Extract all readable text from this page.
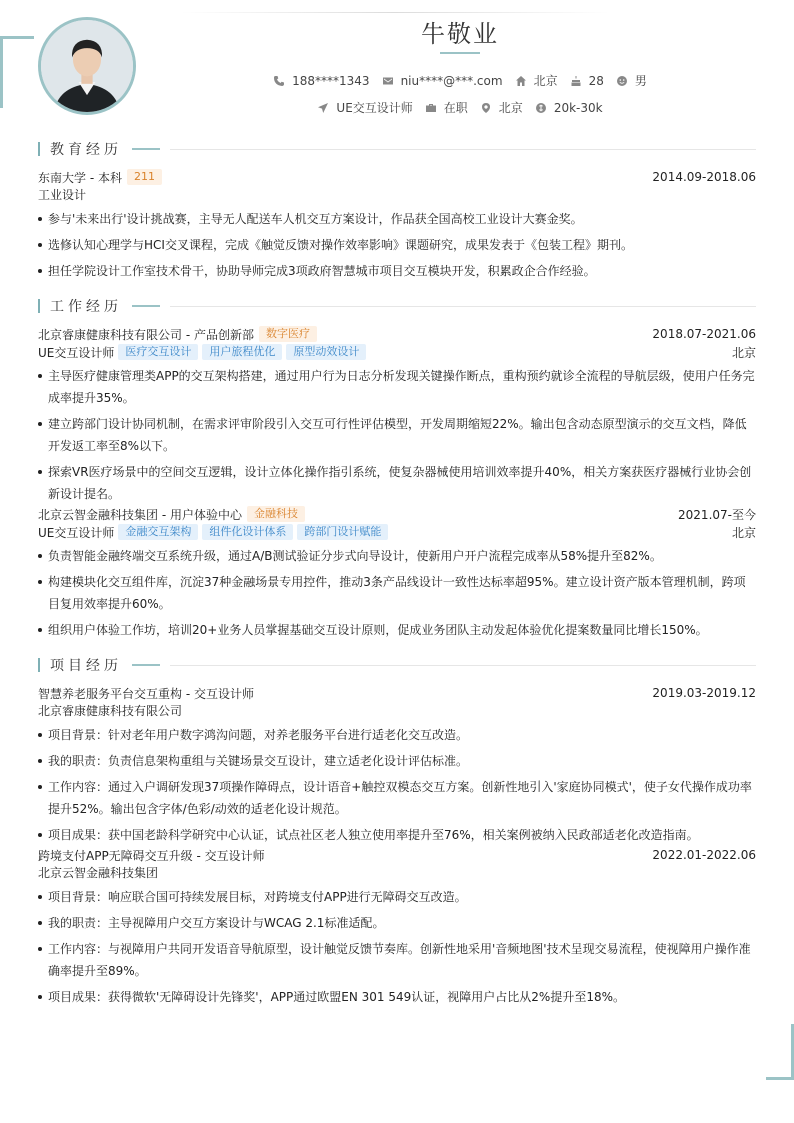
牛敬业
188****1343	niu****@***.com	北京	28	男
UE交互设计师	在职	北京	20k-30k
教育经历
东南大学 - 本科	211	2014.09-2018.06
工业设计
参与'未来出行'设计挑战赛，主导无人配送车人机交互方案设计，作品获全国高校工业设计大赛金奖。
选修认知心理学与HCI交叉课程，完成《触觉反馈对操作效率影响》课题研究，成果发表于《包装工程》期刊。
担任学院设计工作室技术骨干，协助导师完成3项政府智慧城市项目交互模块开发，积累政企合作经验。
工作经历
北京睿康健康科技有限公司 - 产品创新部	数字医疗	2018.07-2021.06
UE交互设计师	医疗交互设计	用户旅程优化	原型动效设计	北京
主导医疗健康管理类APP的交互架构搭建，通过用户行为日志分析发现关键操作断点，重构预约就诊全流程的导航层级，使用户任务完成率提升35%。
建立跨部门设计协同机制，在需求评审阶段引入交互可行性评估模型，开发周期缩短22%。输出包含动态原型演示的交互文档，降低开发返工率至8%以下。
探索VR医疗场景中的空间交互逻辑，设计立体化操作指引系统，使复杂器械使用培训效率提升40%，相关方案获医疗器械行业协会创新设计提名。
北京云智金融科技集团 - 用户体验中心	金融科技	2021.07-至今
UE交互设计师	金融交互架构	组件化设计体系	跨部门设计赋能	北京
负责智能金融终端交互系统升级，通过A/B测试验证分步式向导设计，使新用户开户流程完成率从58%提升至82%。
构建模块化交互组件库，沉淀37种金融场景专用控件，推动3条产品线设计一致性达标率超95%。建立设计资产版本管理机制，跨项目复用效率提升60%。
组织用户体验工作坊，培训20+业务人员掌握基础交互设计原则，促成业务团队主动发起体验优化提案数量同比增长150%。
项目经历
智慧养老服务平台交互重构 - 交互设计师	2019.03-2019.12
北京睿康健康科技有限公司
项目背景：针对老年用户数字鸿沟问题，对养老服务平台进行适老化交互改造。
我的职责：负责信息架构重组与关键场景交互设计，建立适老化设计评估标准。
工作内容：通过入户调研发现37项操作障碍点，设计语音+触控双模态交互方案。创新性地引入'家庭协同模式'，使子女代操作成功率提升52%。输出包含字体/色彩/动效的适老化设计规范。
项目成果：获中国老龄科学研究中心认证，试点社区老人独立使用率提升至76%，相关案例被纳入民政部适老化改造指南。
跨境支付APP无障碍交互升级 - 交互设计师	2022.01-2022.06
北京云智金融科技集团
项目背景：响应联合国可持续发展目标，对跨境支付APP进行无障碍交互改造。
我的职责：主导视障用户交互方案设计与WCAG 2.1标准适配。
工作内容：与视障用户共同开发语音导航原型，设计触觉反馈节奏库。创新性地采用'音频地图'技术呈现交易流程，使视障用户操作准确率提升至89%。
项目成果：获得微软'无障碍设计先锋奖'，APP通过欧盟EN 301 549认证，视障用户占比从2%提升至18%。
